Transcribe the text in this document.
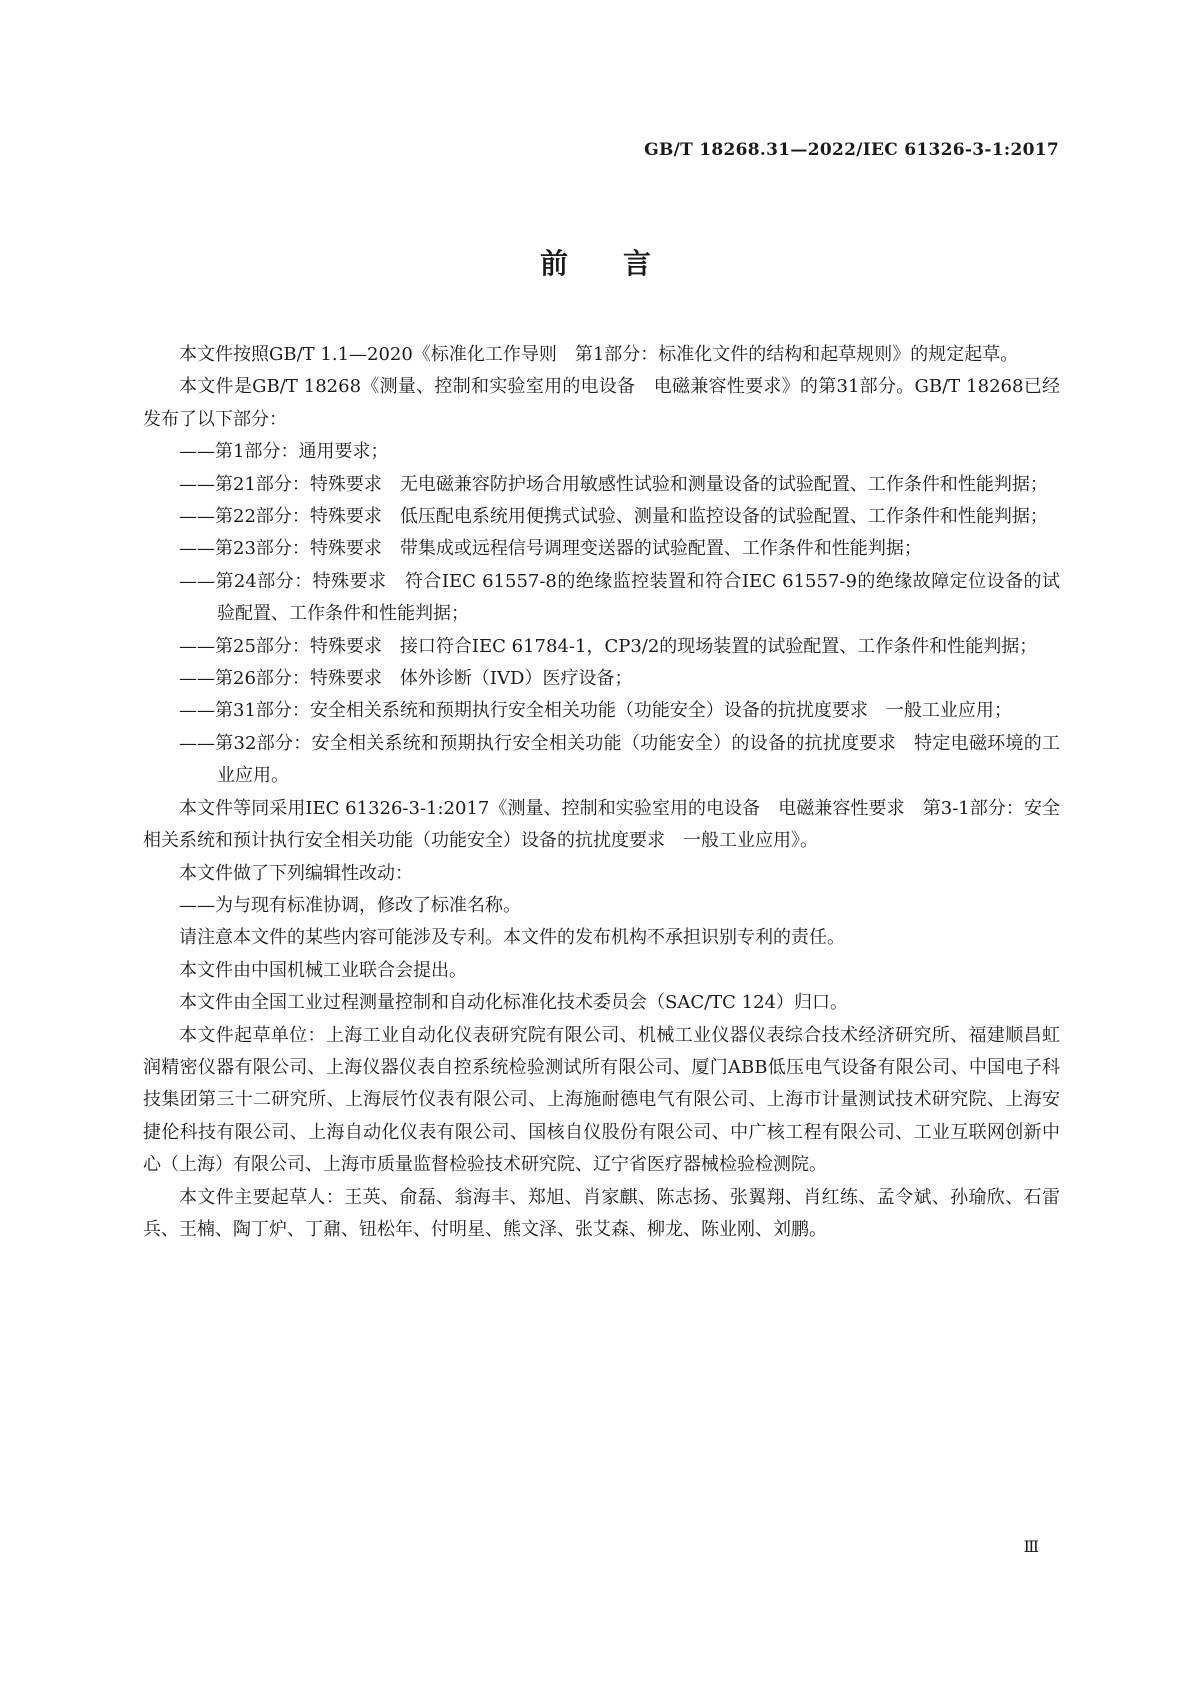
GB/T 18268.31—2022/IEC 61326-3-1:2017
前言

本文件按照GB/T 1.1—2020《标准化工作导则　第1部分：标准化文件的结构和起草规则》的规定起草。

本文件是GB/T 18268《测量、控制和实验室用的电设备　电磁兼容性要求》的第31部分。GB/T 18268已经发布了以下部分：

——第1部分：通用要求；

——第21部分：特殊要求　无电磁兼容防护场合用敏感性试验和测量设备的试验配置、工作条件和性能判据；

——第22部分：特殊要求　低压配电系统用便携式试验、测量和监控设备的试验配置、工作条件和性能判据；

——第23部分：特殊要求　带集成或远程信号调理变送器的试验配置、工作条件和性能判据；

——第24部分：特殊要求　符合IEC 61557-8的绝缘监控装置和符合IEC 61557-9的绝缘故障定位设备的试验配置、工作条件和性能判据；

——第25部分：特殊要求　接口符合IEC 61784-1，CP3/2的现场装置的试验配置、工作条件和性能判据；

——第26部分：特殊要求　体外诊断（IVD）医疗设备；

——第31部分：安全相关系统和预期执行安全相关功能（功能安全）设备的抗扰度要求　一般工业应用；

——第32部分：安全相关系统和预期执行安全相关功能（功能安全）的设备的抗扰度要求　特定电磁环境的工业应用。

本文件等同采用IEC 61326-3-1:2017《测量、控制和实验室用的电设备　电磁兼容性要求　第3-1部分：安全相关系统和预计执行安全相关功能（功能安全）设备的抗扰度要求　一般工业应用》。

本文件做了下列编辑性改动：

——为与现有标准协调，修改了标准名称。

请注意本文件的某些内容可能涉及专利。本文件的发布机构不承担识别专利的责任。

本文件由中国机械工业联合会提出。

本文件由全国工业过程测量控制和自动化标准化技术委员会（SAC/TC 124）归口。

本文件起草单位：上海工业自动化仪表研究院有限公司、机械工业仪器仪表综合技术经济研究所、福建顺昌虹润精密仪器有限公司、上海仪器仪表自控系统检验测试所有限公司、厦门ABB低压电气设备有限公司、中国电子科技集团第三十二研究所、上海辰竹仪表有限公司、上海施耐德电气有限公司、上海市计量测试技术研究院、上海安捷伦科技有限公司、上海自动化仪表有限公司、国核自仪股份有限公司、中广核工程有限公司、工业互联网创新中心（上海）有限公司、上海市质量监督检验技术研究院、辽宁省医疗器械检验检测院。

本文件主要起草人：王英、俞磊、翁海丰、郑旭、肖家麒、陈志扬、张翼翔、肖红练、孟令斌、孙瑜欣、石雷兵、王楠、陶丁炉、丁鼐、钮松年、付明星、熊文泽、张艾森、柳龙、陈业刚、刘鹏。

Ⅲ
